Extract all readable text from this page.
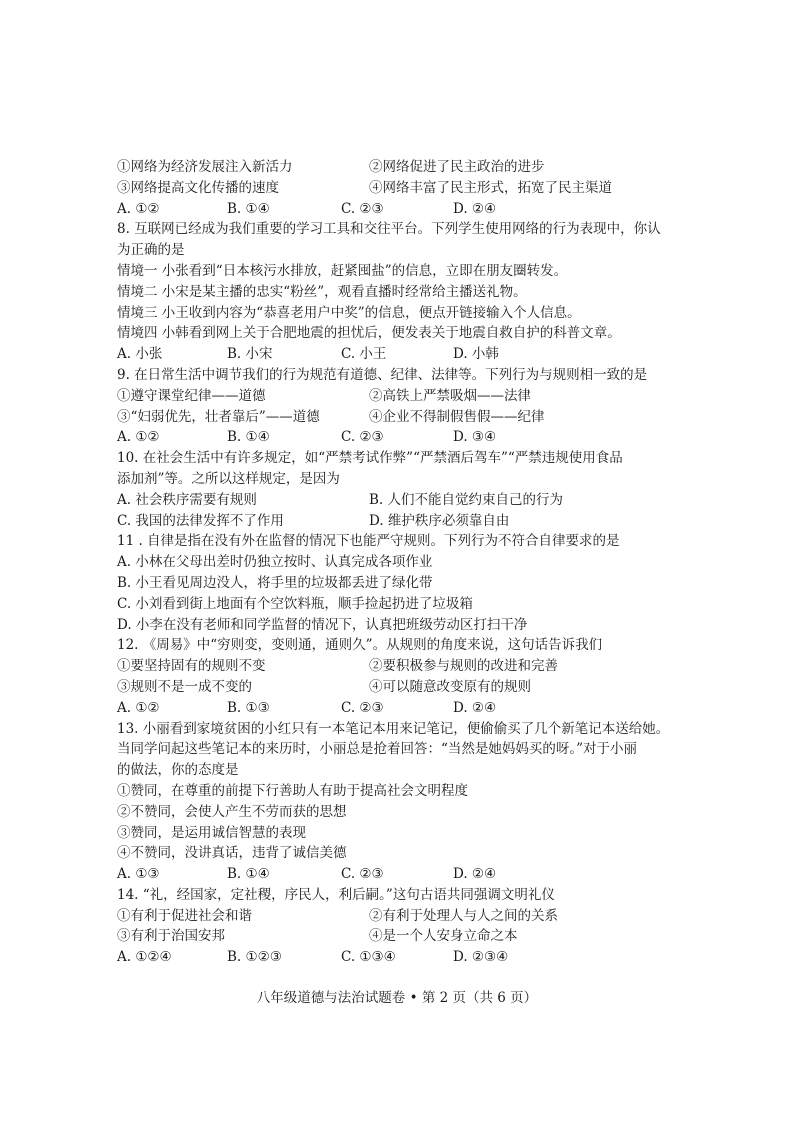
①网络为经济发展注入新活力	②网络促进了民主政治的进步
③网络提高文化传播的速度	④网络丰富了民主形式，拓宽了民主渠道
A. ①②	B. ①④	C. ②③	D. ②④
8. 互联网已经成为我们重要的学习工具和交往平台。下列学生使用网络的行为表现中，你认
为正确的是
情境一 小张看到“日本核污水排放，赶紧囤盐”的信息，立即在朋友圈转发。
情境二 小宋是某主播的忠实“粉丝”，观看直播时经常给主播送礼物。
情境三 小王收到内容为“恭喜老用户中奖”的信息，便点开链接输入个人信息。
情境四 小韩看到网上关于合肥地震的担忧后，便发表关于地震自救自护的科普文章。
A. 小张	B. 小宋	C. 小王	D. 小韩
9. 在日常生活中调节我们的行为规范有道德、纪律、法律等。下列行为与规则相一致的是
①遵守课堂纪律——道德	②高铁上严禁吸烟——法律
③“妇弱优先，壮者靠后”——道德	④企业不得制假售假——纪律
A. ①②	B. ①④	C. ②③	D. ③④
10. 在社会生活中有许多规定，如“严禁考试作弊”“严禁酒后驾车”“严禁违规使用食品
添加剂”等。之所以这样规定，是因为
A. 社会秩序需要有规则	B. 人们不能自觉约束自己的行为
C. 我国的法律发挥不了作用	D. 维护秩序必须靠自由
11 . 自律是指在没有外在监督的情况下也能严守规则。下列行为不符合自律要求的是
A. 小林在父母出差时仍独立按时、认真完成各项作业
B. 小王看见周边没人，将手里的垃圾都丢进了绿化带
C. 小刘看到街上地面有个空饮料瓶，顺手捡起扔进了垃圾箱
D. 小李在没有老师和同学监督的情况下，认真把班级劳动区打扫干净
12. 《周易》中“穷则变，变则通，通则久”。从规则的角度来说，这句话告诉我们
①要坚持固有的规则不变	②要积极参与规则的改进和完善
③规则不是一成不变的	④可以随意改变原有的规则
A. ①②	B. ①③	C. ②③	D. ②④
13. 小丽看到家境贫困的小红只有一本笔记本用来记笔记，便偷偷买了几个新笔记本送给她。
当同学问起这些笔记本的来历时，小丽总是抢着回答：“当然是她妈妈买的呀。”对于小丽
的做法，你的态度是
①赞同，在尊重的前提下行善助人有助于提高社会文明程度
②不赞同，会使人产生不劳而获的思想
③赞同，是运用诚信智慧的表现
④不赞同，没讲真话，违背了诚信美德
A. ①③	B. ①④	C. ②③	D. ②④
14. “礼，经国家，定社稷，序民人，利后嗣。”这句古语共同强调文明礼仪
①有利于促进社会和谐	②有利于处理人与人之间的关系
③有利于治国安邦	④是一个人安身立命之本
A. ①②④	B. ①②③	C. ①③④	D. ②③④
八年级道德与法治试题卷 • 第 2 页（共 6 页）
